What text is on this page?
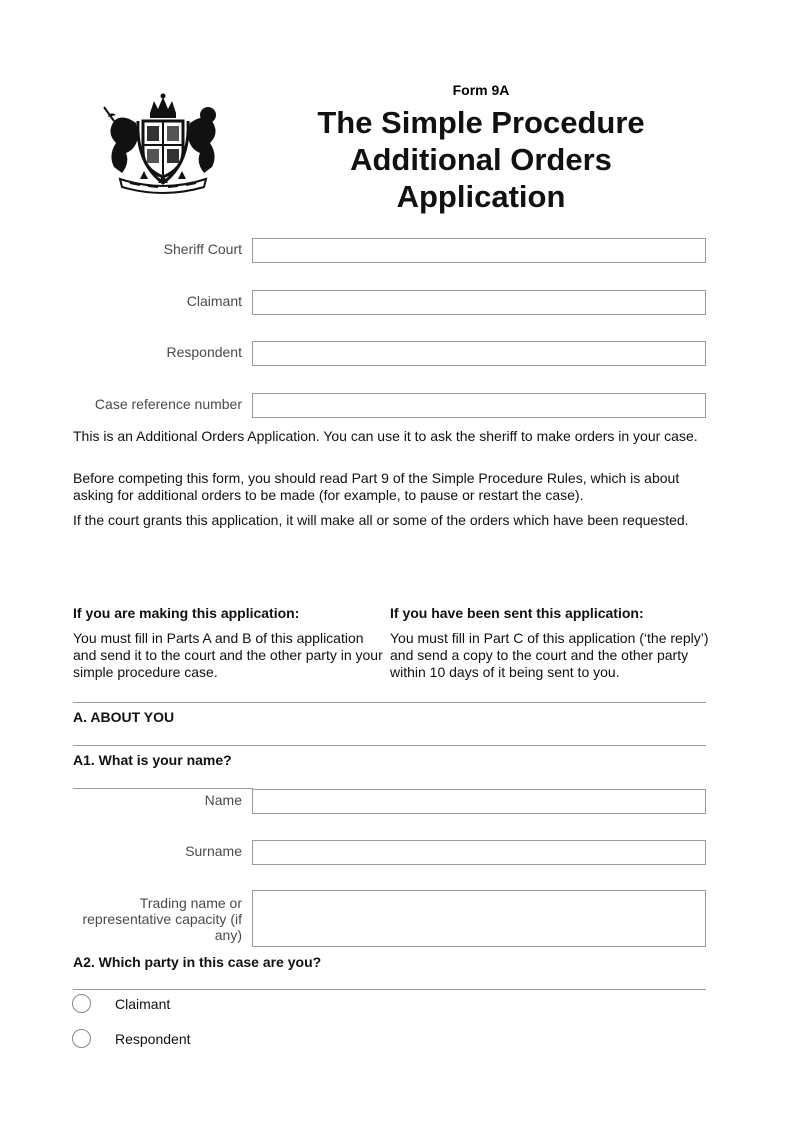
Form 9A
The Simple Procedure
Additional Orders
Application
Sheriff Court
Claimant
Respondent
Case reference number

This is an Additional Orders Application. You can use it to ask the sheriff to make orders in your case.

Before competing this form, you should read Part 9 of the Simple Procedure Rules, which is about asking for additional orders to be made (for example, to pause or restart the case).

If the court grants this application, it will make all or some of the orders which have been requested.

If you are making this application:	If you have been sent this application:
You must fill in Parts A and B of this application and send it to the court and the other party in your simple procedure case.
You must fill in Part C of this application (‘the reply’) and send a copy to the court and the other party within 10 days of it being sent to you.
A. ABOUT YOU
A1. What is your name?
Name
Surname
Trading name or representative capacity (if any)
A2. Which party in this case are you?
Claimant
Respondent
